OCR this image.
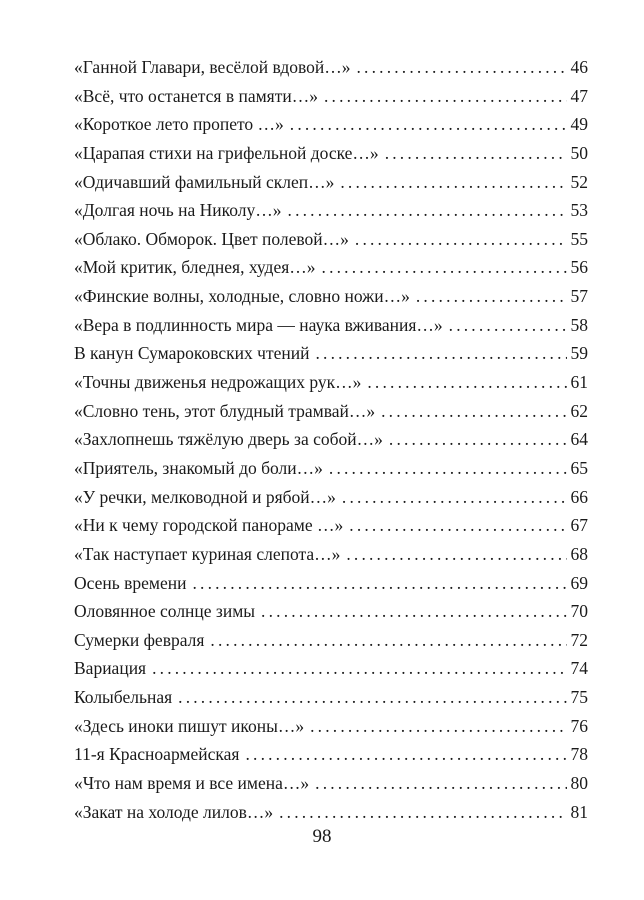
«Ганной Главари, весёлой вдовой…» . . .	46
«Всё, что останется в памяти…» . . .	47
«Короткое лето пропето …» . . .	49
«Царапая стихи на грифельной доске…» . . .	50
«Одичавший фамильный склеп…» . . .	52
«Долгая ночь на Николу…» . . .	53
«Облако. Обморок. Цвет полевой…» . . .	55
«Мой критик, бледнея, худея…» . . .	56
«Финские волны, холодные, словно ножи…» . . .	57
«Вера в подлинность мира — наука вживания…» . . .	58
В канун Сумароковских чтений . . .	59
«Точны движенья недрожащих рук…» . . .	61
«Словно тень, этот блудный трамвай…» . . .	62
«Захлопнешь тяжёлую дверь за собой…» . . .	64
«Приятель, знакомый до боли…» . . .	65
«У речки, мелководной и рябой…» . . .	66
«Ни к чему городской панораме …» . . .	67
«Так наступает куриная слепота…» . . .	68
Осень времени . . .	69
Оловянное солнце зимы . . .	70
Сумерки февраля . . .	72
Вариация . . .	74
Колыбельная . . .	75
«Здесь иноки пишут иконы…» . . .	76
11-я Красноармейская . . .	78
«Что нам время и все имена…» . . .	80
«Закат на холоде лилов…» . . .	81
98
